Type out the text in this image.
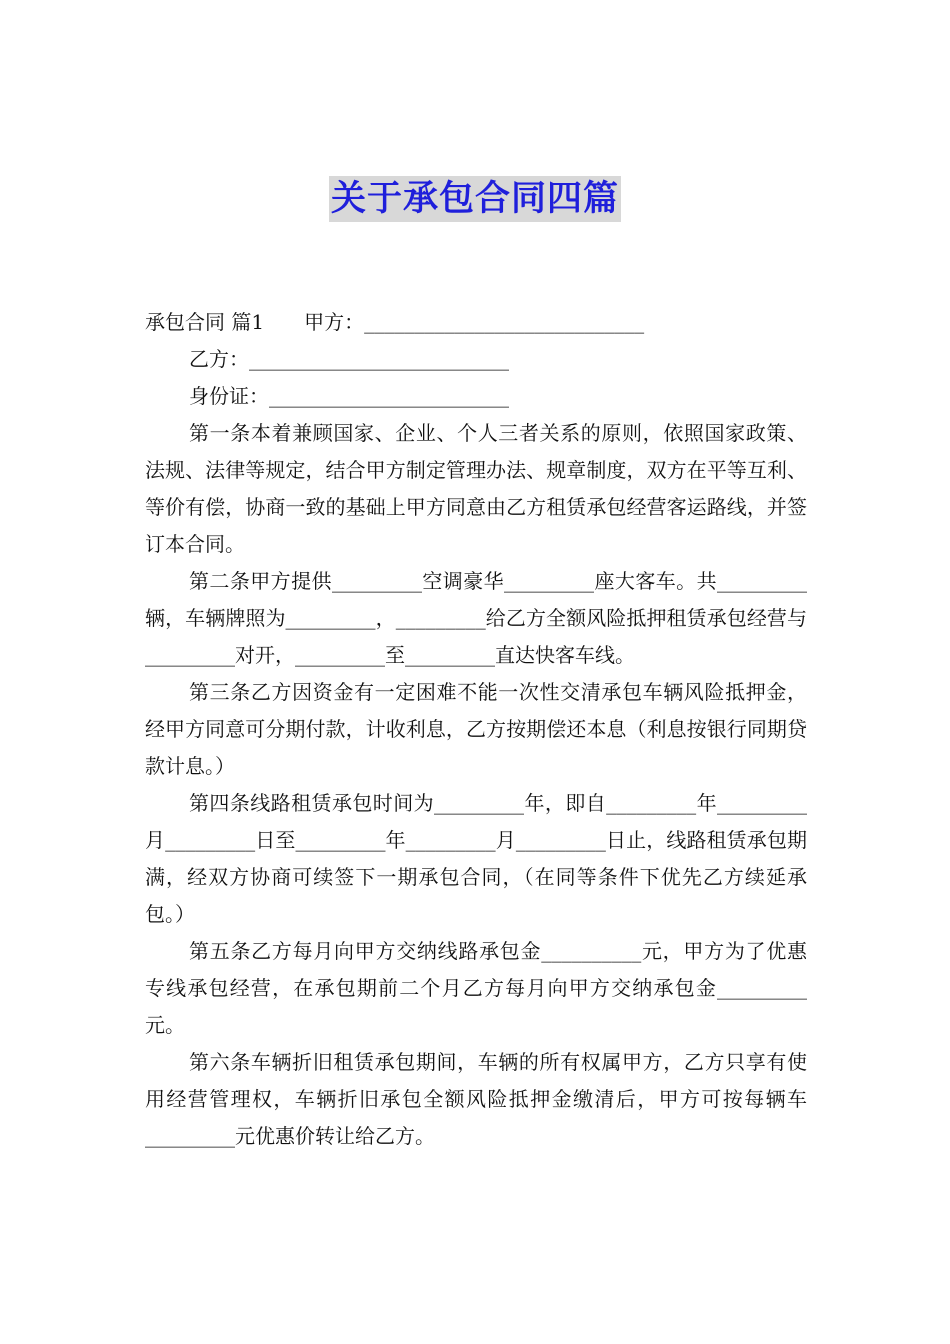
关于承包合同四篇
承包合同 篇1 甲方：____________________________
乙方：__________________________
身份证：________________________

第一条本着兼顾国家、企业、个人三者关系的原则，依照国家政策、法规、法律等规定，结合甲方制定管理办法、规章制度，双方在平等互利、等价有偿，协商一致的基础上甲方同意由乙方租赁承包经营客运路线，并签订本合同。

第二条甲方提供_________空调豪华_________座大客车。共_________辆，车辆牌照为_________，_________给乙方全额风险抵押租赁承包经营与_________对开，_________至_________直达快客车线。

第三条乙方因资金有一定困难不能一次性交清承包车辆风险抵押金，经甲方同意可分期付款，计收利息，乙方按期偿还本息（利息按银行同期贷款计息。）

第四条线路租赁承包时间为_________年，即自_________年_________月_________日至_________年_________月_________日止，线路租赁承包期满，经双方协商可续签下一期承包合同，（在同等条件下优先乙方续延承包。）

第五条乙方每月向甲方交纳线路承包金__________元，甲方为了优惠专线承包经营，在承包期前二个月乙方每月向甲方交纳承包金_________元。

第六条车辆折旧租赁承包期间，车辆的所有权属甲方，乙方只享有使用经营管理权，车辆折旧承包全额风险抵押金缴清后，甲方可按每辆车_________元优惠价转让给乙方。
